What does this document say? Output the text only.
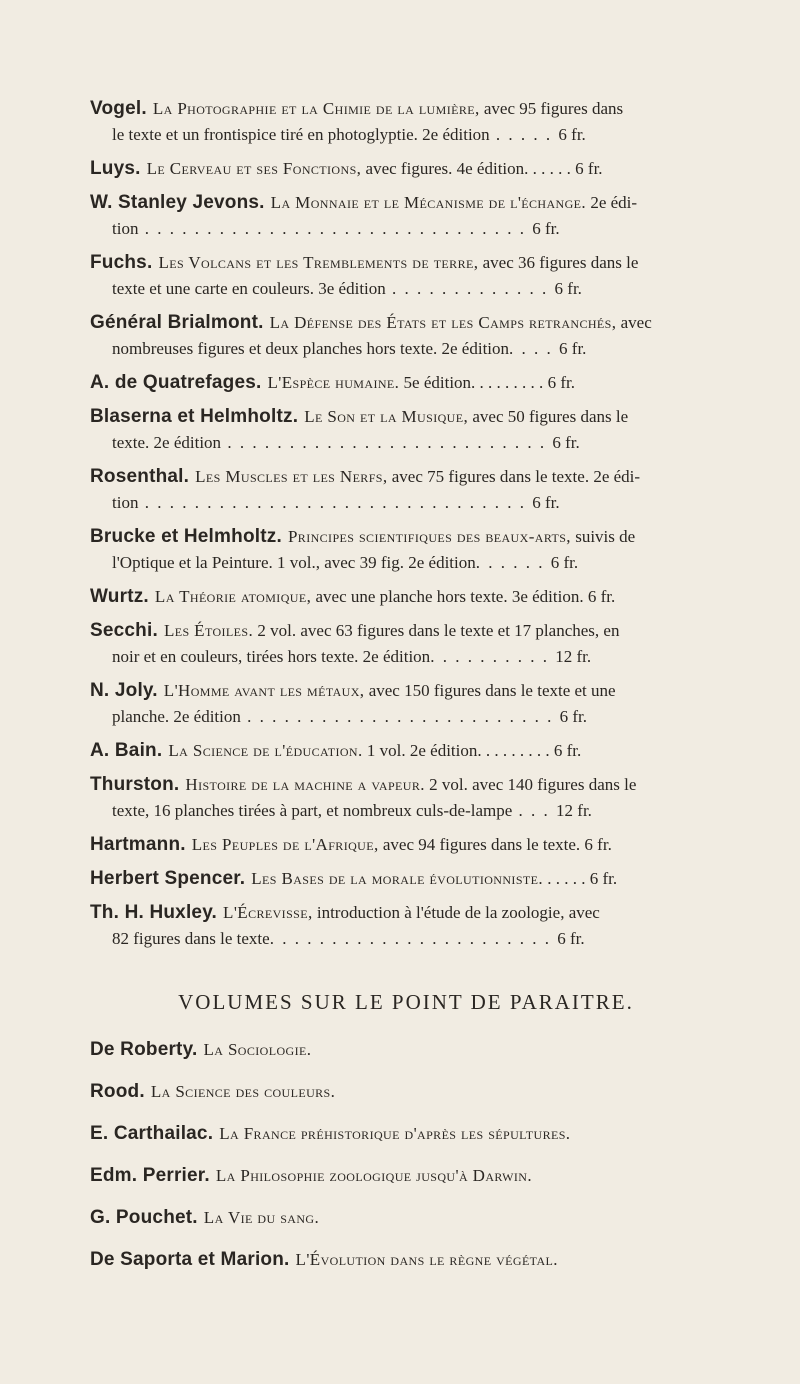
Vogel. La Photographie et la Chimie de la lumière, avec 95 figures dans
le texte et un frontispice tiré en photoglyptie. 2e édition . . . . . 6 fr.
Luys. Le Cerveau et ses Fonctions, avec figures. 4e édition. . . . . . 6 fr.
W. Stanley Jevons. La Monnaie et le Mécanisme de l'échange. 2e édi-
tion . . . . . . . . . . . . . . . . . . . . . . . . . . . . . . . 6 fr.
Fuchs. Les Volcans et les Tremblements de terre, avec 36 figures dans le
texte et une carte en couleurs. 3e édition . . . . . . . . . . . . . 6 fr.
Général Brialmont. La Défense des États et les Camps retranchés, avec
nombreuses figures et deux planches hors texte. 2e édition. . . . 6 fr.
A. de Quatrefages. L'Espèce humaine. 5e édition. . . . . . . . . 6 fr.
Blaserna et Helmholtz. Le Son et la Musique, avec 50 figures dans le
texte. 2e édition . . . . . . . . . . . . . . . . . . . . . . . . . . 6 fr.
Rosenthal. Les Muscles et les Nerfs, avec 75 figures dans le texte. 2e édi-
tion . . . . . . . . . . . . . . . . . . . . . . . . . . . . . . . 6 fr.
Brucke et Helmholtz. Principes scientifiques des beaux-arts, suivis de
l'Optique et la Peinture. 1 vol., avec 39 fig. 2e édition. . . . . . 6 fr.
Wurtz. La Théorie atomique, avec une planche hors texte. 3e édition. 6 fr.
Secchi. Les Étoiles. 2 vol. avec 63 figures dans le texte et 17 planches, en
noir et en couleurs, tirées hors texte. 2e édition. . . . . . . . . . 12 fr.
N. Joly. L'Homme avant les métaux, avec 150 figures dans le texte et une
planche. 2e édition . . . . . . . . . . . . . . . . . . . . . . . . . 6 fr.
A. Bain. La Science de l'éducation. 1 vol. 2e édition. . . . . . . . . 6 fr.
Thurston. Histoire de la machine a vapeur. 2 vol. avec 140 figures dans le
texte, 16 planches tirées à part, et nombreux culs-de-lampe . . . 12 fr.
Hartmann. Les Peuples de l'Afrique, avec 94 figures dans le texte. 6 fr.
Herbert Spencer. Les Bases de la morale évolutionniste. . . . . . 6 fr.
Th. H. Huxley. L'Écrevisse, introduction à l'étude de la zoologie, avec
82 figures dans le texte. . . . . . . . . . . . . . . . . . . . . . . 6 fr.
VOLUMES SUR LE POINT DE PARAITRE.
De Roberty. La Sociologie.
Rood. La Science des couleurs.
E. Carthailac. La France préhistorique d'après les sépultures.
Edm. Perrier. La Philosophie zoologique jusqu'à Darwin.
G. Pouchet. La Vie du sang.
De Saporta et Marion. L'Évolution dans le règne végétal.
